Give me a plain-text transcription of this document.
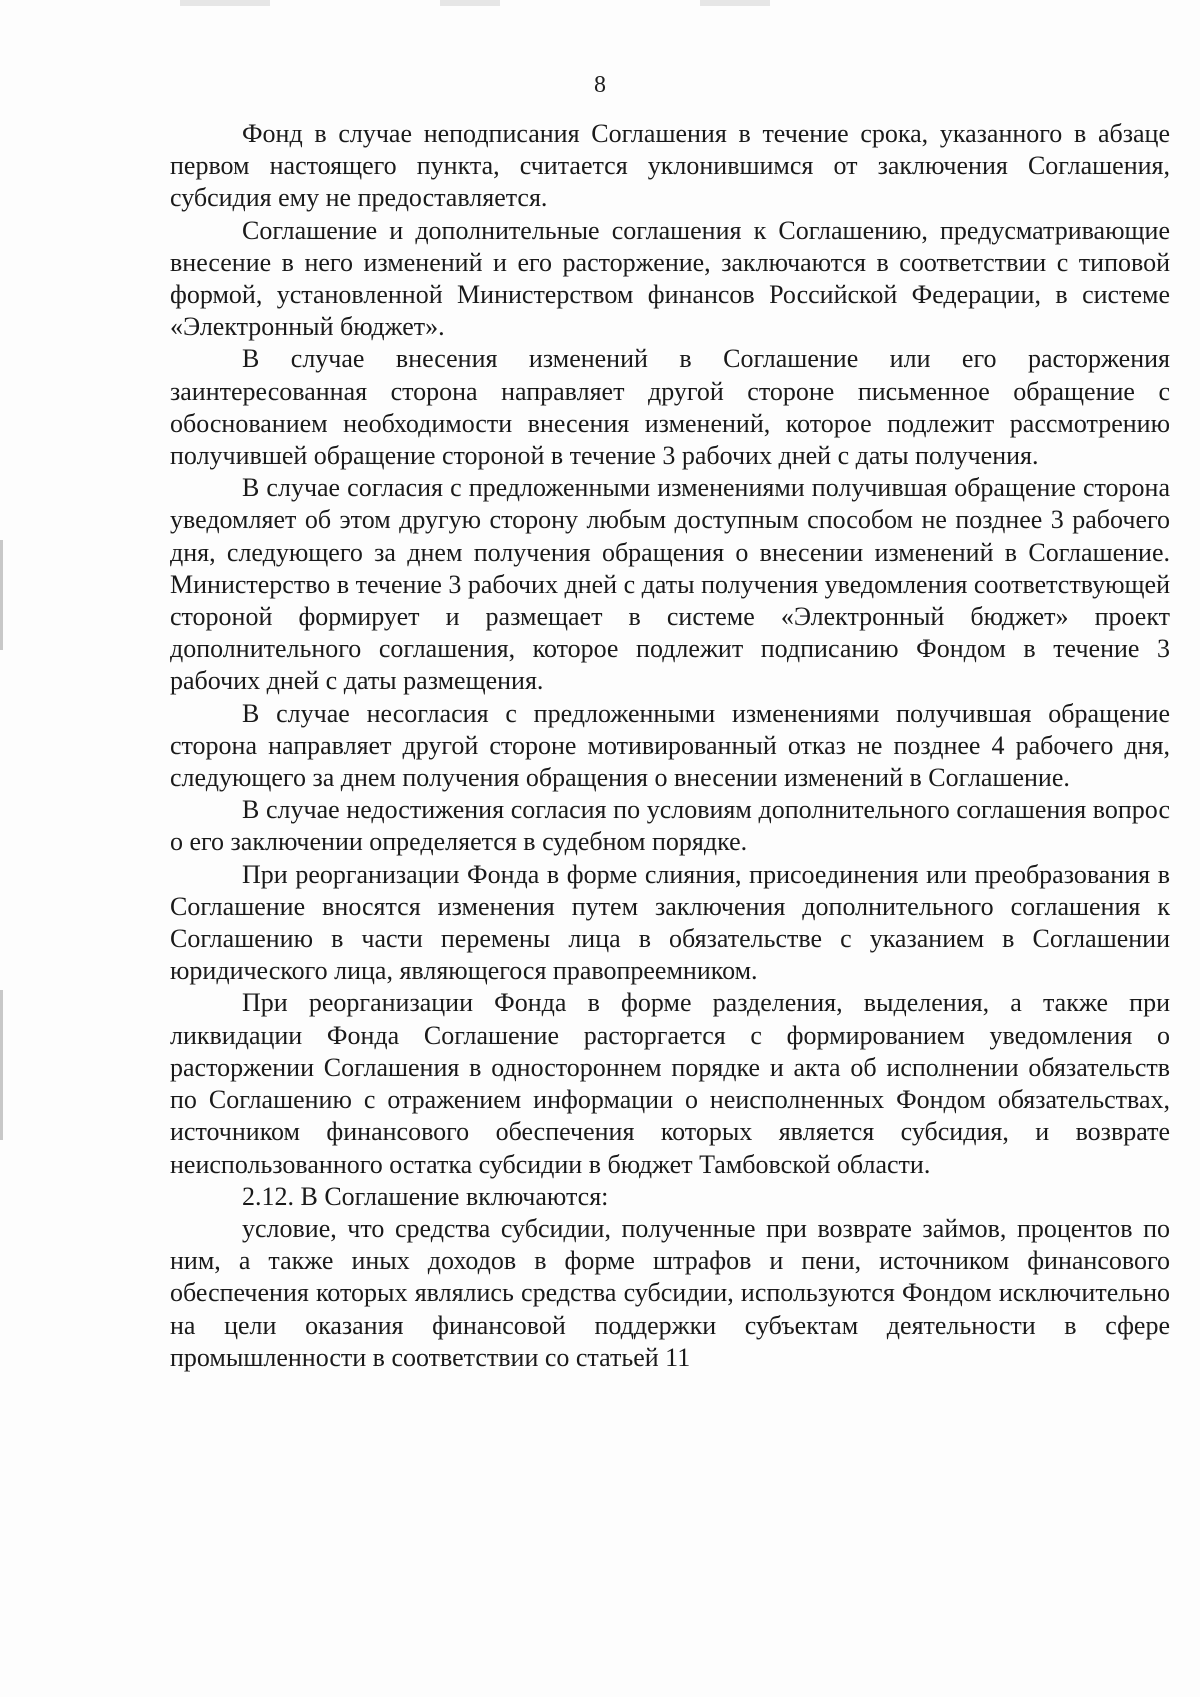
8

Фонд в случае неподписания Соглашения в течение срока, указанного в абзаце первом настоящего пункта, считается уклонившимся от заключения Соглашения, субсидия ему не предоставляется.

Соглашение и дополнительные соглашения к Соглашению, предусматривающие внесение в него изменений и его расторжение, заключаются в соответствии с типовой формой, установленной Министерством финансов Российской Федерации, в системе «Электронный бюджет».

В случае внесения изменений в Соглашение или его расторжения заинтересованная сторона направляет другой стороне письменное обращение с обоснованием необходимости внесения изменений, которое подлежит рассмотрению получившей обращение стороной в течение 3 рабочих дней с даты получения.

В случае согласия с предложенными изменениями получившая обращение сторона уведомляет об этом другую сторону любым доступным способом не позднее 3 рабочего дня, следующего за днем получения обращения о внесении изменений в Соглашение. Министерство в течение 3 рабочих дней с даты получения уведомления соответствующей стороной формирует и размещает в системе «Электронный бюджет» проект дополнительного соглашения, которое подлежит подписанию Фондом в течение 3 рабочих дней с даты размещения.

В случае несогласия с предложенными изменениями получившая обращение сторона направляет другой стороне мотивированный отказ не позднее 4 рабочего дня, следующего за днем получения обращения о внесении изменений в Соглашение.

В случае недостижения согласия по условиям дополнительного соглашения вопрос о его заключении определяется в судебном порядке.

При реорганизации Фонда в форме слияния, присоединения или преобразования в Соглашение вносятся изменения путем заключения дополнительного соглашения к Соглашению в части перемены лица в обязательстве с указанием в Соглашении юридического лица, являющегося правопреемником.

При реорганизации Фонда в форме разделения, выделения, а также при ликвидации Фонда Соглашение расторгается с формированием уведомления о расторжении Соглашения в одностороннем порядке и акта об исполнении обязательств по Соглашению с отражением информации о неисполненных Фондом обязательствах, источником финансового обеспечения которых является субсидия, и возврате неиспользованного остатка субсидии в бюджет Тамбовской области.

2.12. В Соглашение включаются:

условие, что средства субсидии, полученные при возврате займов, процентов по ним, а также иных доходов в форме штрафов и пени, источником финансового обеспечения которых являлись средства субсидии, используются Фондом исключительно на цели оказания финансовой поддержки субъектам деятельности в сфере промышленности в соответствии со статьей 11
